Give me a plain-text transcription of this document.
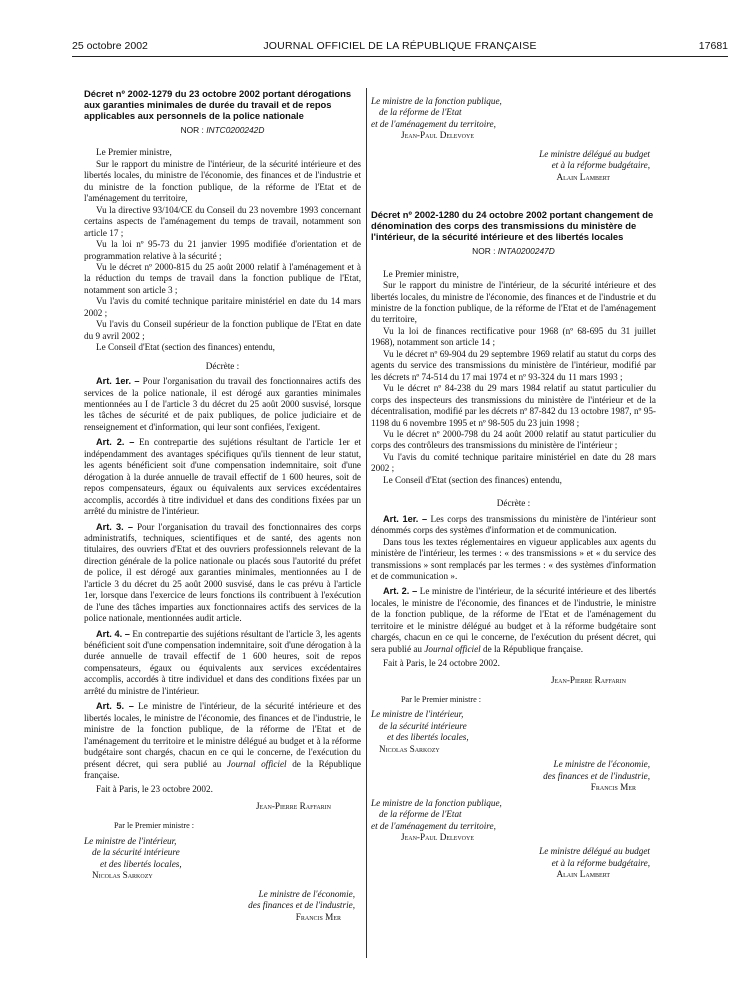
25 octobre 2002	JOURNAL OFFICIEL DE LA RÉPUBLIQUE FRANÇAISE	17681

Décret nº 2002-1279 du 23 octobre 2002 portant dérogations aux garanties minimales de durée du travail et de repos applicables aux personnels de la police nationale

NOR : INTC0200242D

Le Premier ministre,

Sur le rapport du ministre de l'intérieur, de la sécurité intérieure et des libertés locales, du ministre de l'économie, des finances et de l'industrie et du ministre de la fonction publique, de la réforme de l'Etat et de l'aménagement du territoire,

Vu la directive 93/104/CE du Conseil du 23 novembre 1993 concernant certains aspects de l'aménagement du temps de travail, notamment son article 17 ;

Vu la loi nº 95-73 du 21 janvier 1995 modifiée d'orientation et de programmation relative à la sécurité ;

Vu le décret nº 2000-815 du 25 août 2000 relatif à l'aménagement et à la réduction du temps de travail dans la fonction publique de l'Etat, notamment son article 3 ;

Vu l'avis du comité technique paritaire ministériel en date du 14 mars 2002 ;

Vu l'avis du Conseil supérieur de la fonction publique de l'Etat en date du 9 avril 2002 ;

Le Conseil d'Etat (section des finances) entendu,

Décrète :

Art. 1er. – Pour l'organisation du travail des fonctionnaires actifs des services de la police nationale, il est dérogé aux garanties minimales mentionnées au I de l'article 3 du décret du 25 août 2000 susvisé, lorsque les tâches de sécurité et de paix publiques, de police judiciaire et de renseignement et d'information, qui leur sont confiées, l'exigent.

Art. 2. – En contrepartie des sujétions résultant de l'article 1er et indépendamment des avantages spécifiques qu'ils tiennent de leur statut, les agents bénéficient soit d'une compensation indemnitaire, soit d'une dérogation à la durée annuelle de travail effectif de 1 600 heures, soit de repos compensateurs, égaux ou équivalents aux services excédentaires accomplis, accordés à titre individuel et dans des conditions fixées par un arrêté du ministre de l'intérieur.

Art. 3. – Pour l'organisation du travail des fonctionnaires des corps administratifs, techniques, scientifiques et de santé, des agents non titulaires, des ouvriers d'Etat et des ouvriers professionnels relevant de la direction générale de la police nationale ou placés sous l'autorité du préfet de police, il est dérogé aux garanties minimales, mentionnées au I de l'article 3 du décret du 25 août 2000 susvisé, dans le cas prévu à l'article 1er, lorsque dans l'exercice de leurs fonctions ils contribuent à l'exécution de l'une des tâches imparties aux fonctionnaires actifs des services de la police nationale, mentionnées audit article.

Art. 4. – En contrepartie des sujétions résultant de l'article 3, les agents bénéficient soit d'une compensation indemnitaire, soit d'une dérogation à la durée annuelle de travail effectif de 1 600 heures, soit de repos compensateurs, égaux ou équivalents aux services excédentaires accomplis, accordés à titre individuel et dans des conditions fixées par un arrêté du ministre de l'intérieur.

Art. 5. – Le ministre de l'intérieur, de la sécurité intérieure et des libertés locales, le ministre de l'économie, des finances et de l'industrie, le ministre de la fonction publique, de la réforme de l'Etat et de l'aménagement du territoire et le ministre délégué au budget et à la réforme budgétaire sont chargés, chacun en ce qui le concerne, de l'exécution du présent décret, qui sera publié au Journal officiel de la République française.

Fait à Paris, le 23 octobre 2002.

Jean-Pierre Raffarin

Par le Premier ministre :

Le ministre de l'intérieur,
de la sécurité intérieure
et des libertés locales,
Nicolas Sarkozy
Le ministre de l'économie,
des finances et de l'industrie,
Francis Mer
Le ministre de la fonction publique,
de la réforme de l'Etat
et de l'aménagement du territoire,
Jean-Paul Delevoye
Le ministre délégué au budget
et à la réforme budgétaire,
Alain Lambert

Décret nº 2002-1280 du 24 octobre 2002 portant changement de dénomination des corps des transmissions du ministère de l'intérieur, de la sécurité intérieure et des libertés locales

NOR : INTA0200247D

Le Premier ministre,

Sur le rapport du ministre de l'intérieur, de la sécurité intérieure et des libertés locales, du ministre de l'économie, des finances et de l'industrie et du ministre de la fonction publique, de la réforme de l'Etat et de l'aménagement du territoire,

Vu la loi de finances rectificative pour 1968 (nº 68-695 du 31 juillet 1968), notamment son article 14 ;

Vu le décret nº 69-904 du 29 septembre 1969 relatif au statut du corps des agents du service des transmissions du ministère de l'intérieur, modifié par les décrets nº 74-514 du 17 mai 1974 et nº 93-324 du 11 mars 1993 ;

Vu le décret nº 84-238 du 29 mars 1984 relatif au statut particulier du corps des inspecteurs des transmissions du ministère de l'intérieur et de la décentralisation, modifié par les décrets nº 87-842 du 13 octobre 1987, nº 95-1198 du 6 novembre 1995 et nº 98-505 du 23 juin 1998 ;

Vu le décret nº 2000-798 du 24 août 2000 relatif au statut particulier du corps des contrôleurs des transmissions du ministère de l'intérieur ;

Vu l'avis du comité technique paritaire ministériel en date du 28 mars 2002 ;

Le Conseil d'Etat (section des finances) entendu,

Décrète :

Art. 1er. – Les corps des transmissions du ministère de l'intérieur sont dénommés corps des systèmes d'information et de communication.

Dans tous les textes réglementaires en vigueur applicables aux agents du ministère de l'intérieur, les termes : « des transmissions » et « du service des transmissions » sont remplacés par les termes : « des systèmes d'information et de communication ».

Art. 2. – Le ministre de l'intérieur, de la sécurité intérieure et des libertés locales, le ministre de l'économie, des finances et de l'industrie, le ministre de la fonction publique, de la réforme de l'Etat et de l'aménagement du territoire et le ministre délégué au budget et à la réforme budgétaire sont chargés, chacun en ce qui le concerne, de l'exécution du présent décret, qui sera publié au Journal officiel de la République française.

Fait à Paris, le 24 octobre 2002.

Jean-Pierre Raffarin

Par le Premier ministre :

Le ministre de l'intérieur,
de la sécurité intérieure
et des libertés locales,
Nicolas Sarkozy
Le ministre de l'économie,
des finances et de l'industrie,
Francis Mer
Le ministre de la fonction publique,
de la réforme de l'Etat
et de l'aménagement du territoire,
Jean-Paul Delevoye
Le ministre délégué au budget
et à la réforme budgétaire,
Alain Lambert
